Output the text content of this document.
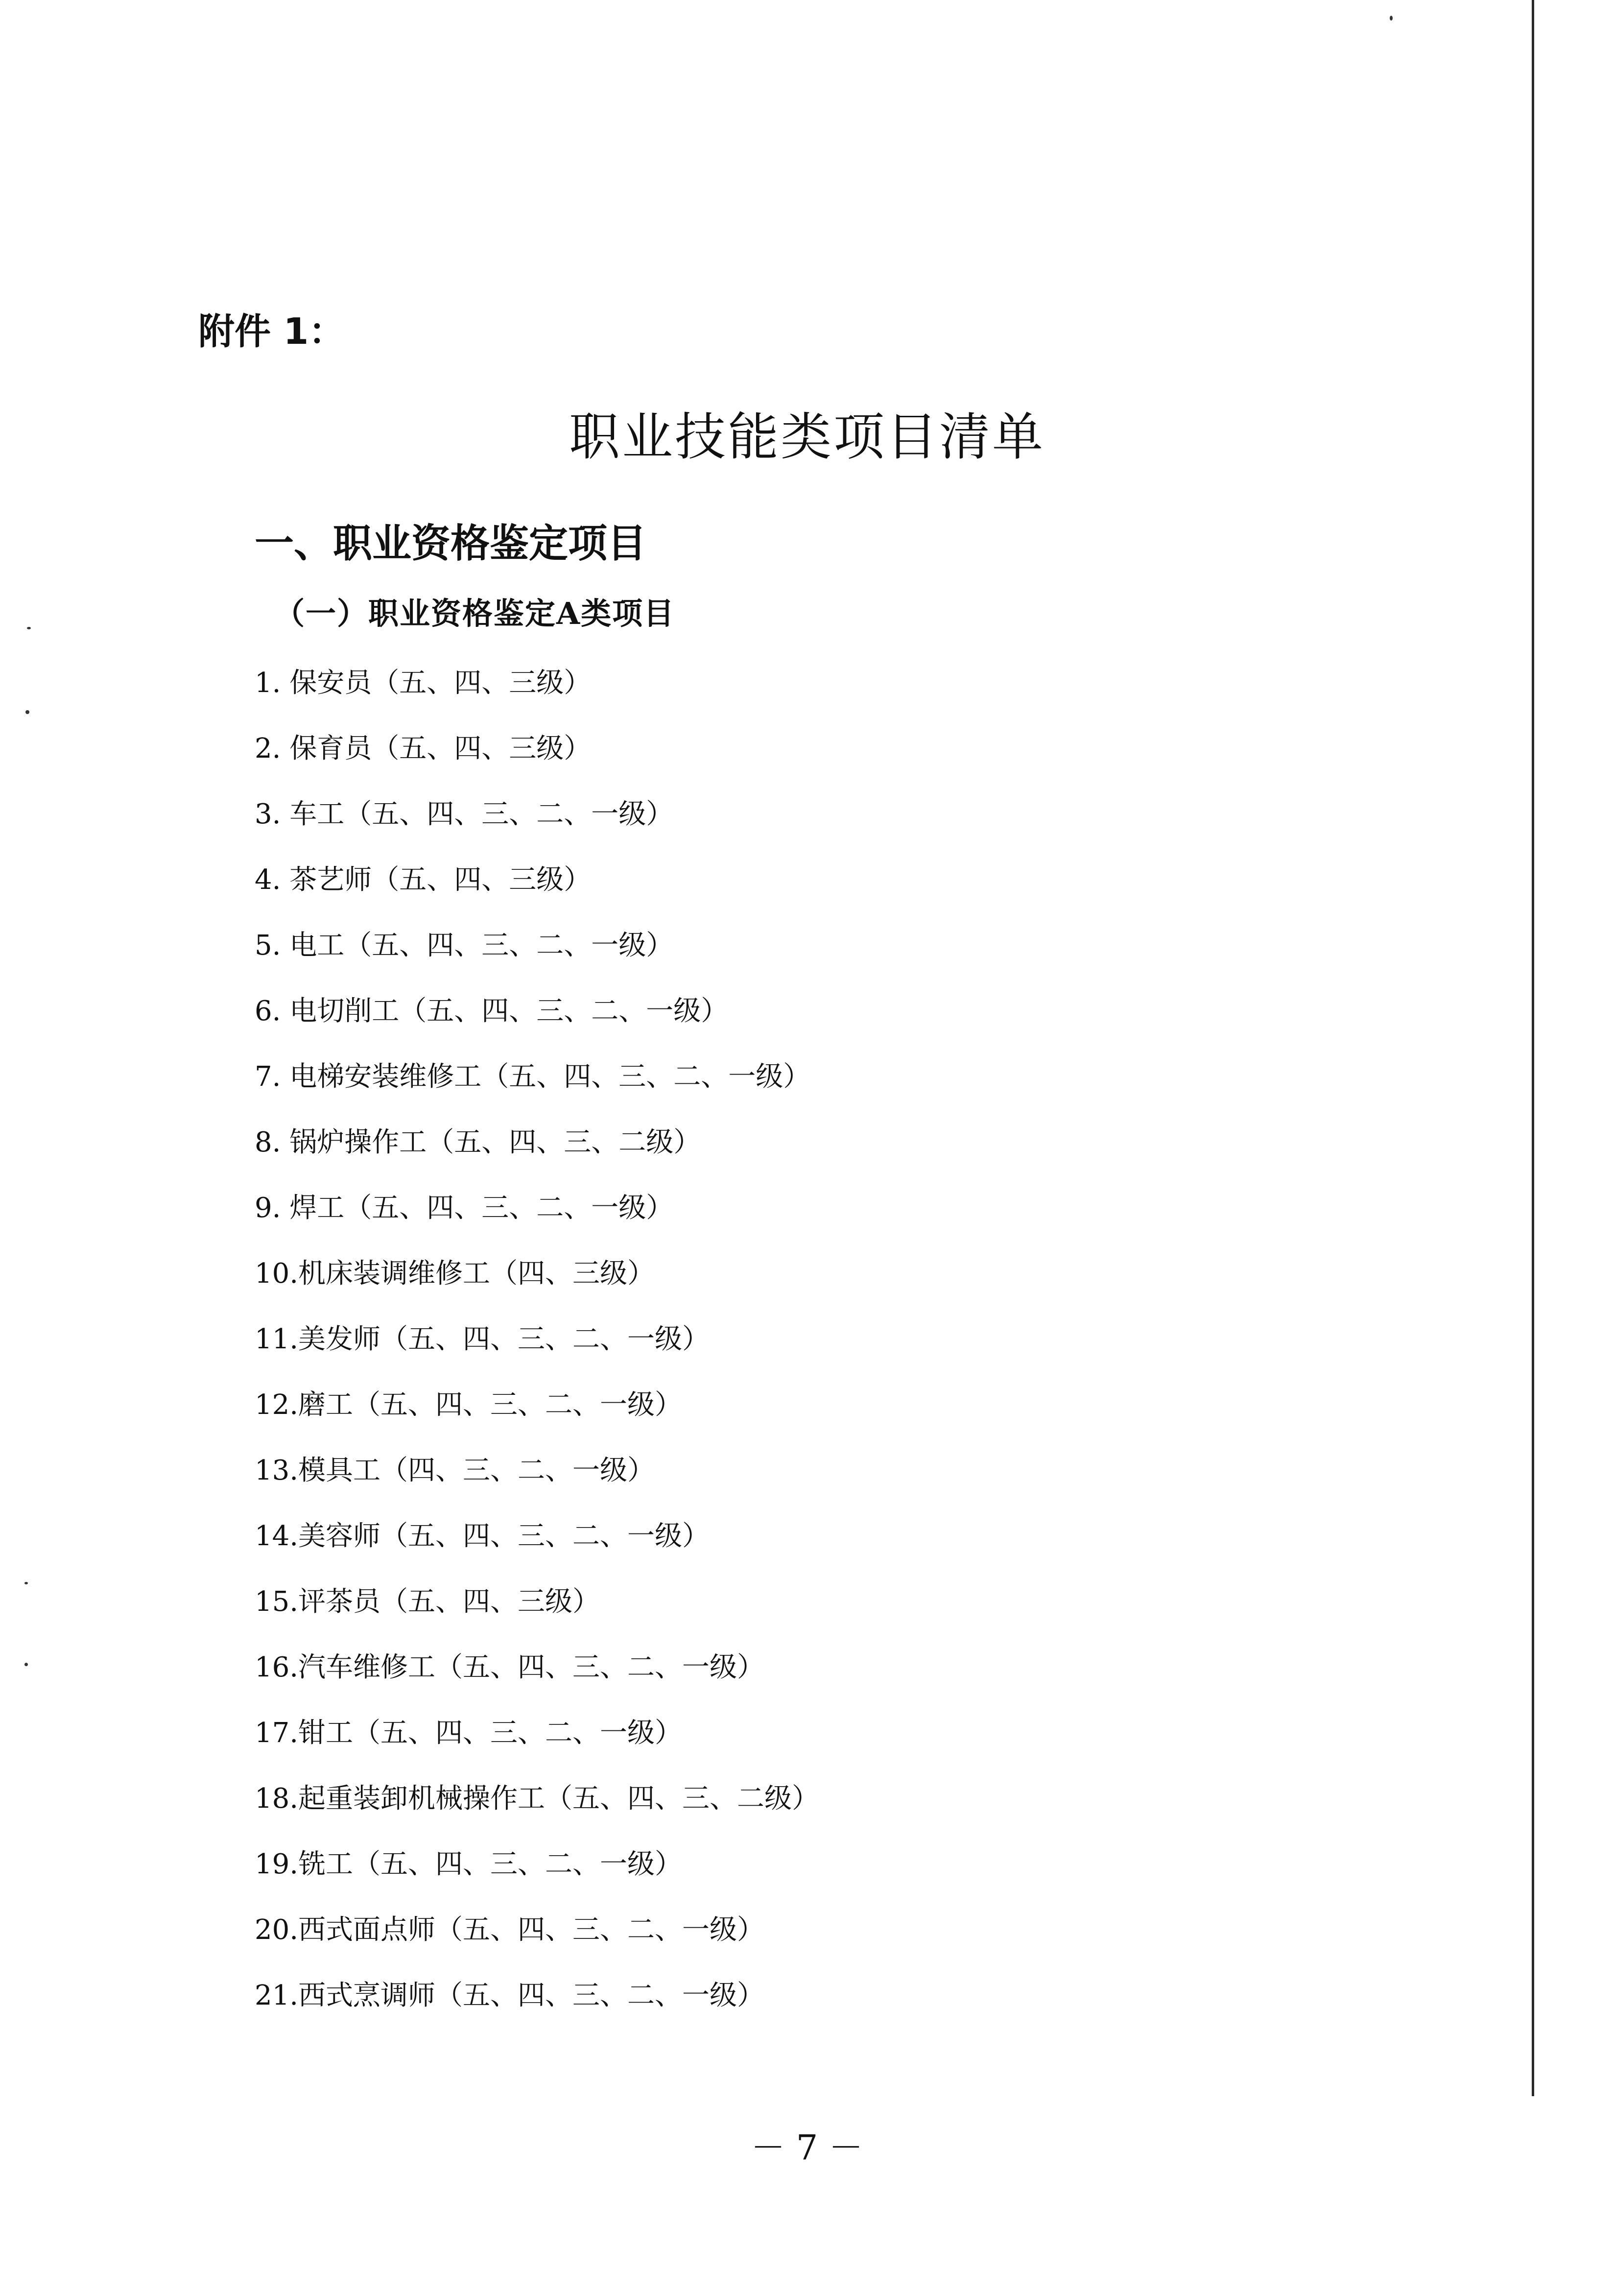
附件 1：
职业技能类项目清单
一、职业资格鉴定项目
（一）职业资格鉴定A类项目
1. 保安员（五、四、三级）
2. 保育员（五、四、三级）
3. 车工（五、四、三、二、一级）
4. 茶艺师（五、四、三级）
5. 电工（五、四、三、二、一级）
6. 电切削工（五、四、三、二、一级）
7. 电梯安装维修工（五、四、三、二、一级）
8. 锅炉操作工（五、四、三、二级）
9. 焊工（五、四、三、二、一级）
10.机床装调维修工（四、三级）
11.美发师（五、四、三、二、一级）
12.磨工（五、四、三、二、一级）
13.模具工（四、三、二、一级）
14.美容师（五、四、三、二、一级）
15.评茶员（五、四、三级）
16.汽车维修工（五、四、三、二、一级）
17.钳工（五、四、三、二、一级）
18.起重装卸机械操作工（五、四、三、二级）
19.铣工（五、四、三、二、一级）
20.西式面点师（五、四、三、二、一级）
21.西式烹调师（五、四、三、二、一级）
－ 7 －
